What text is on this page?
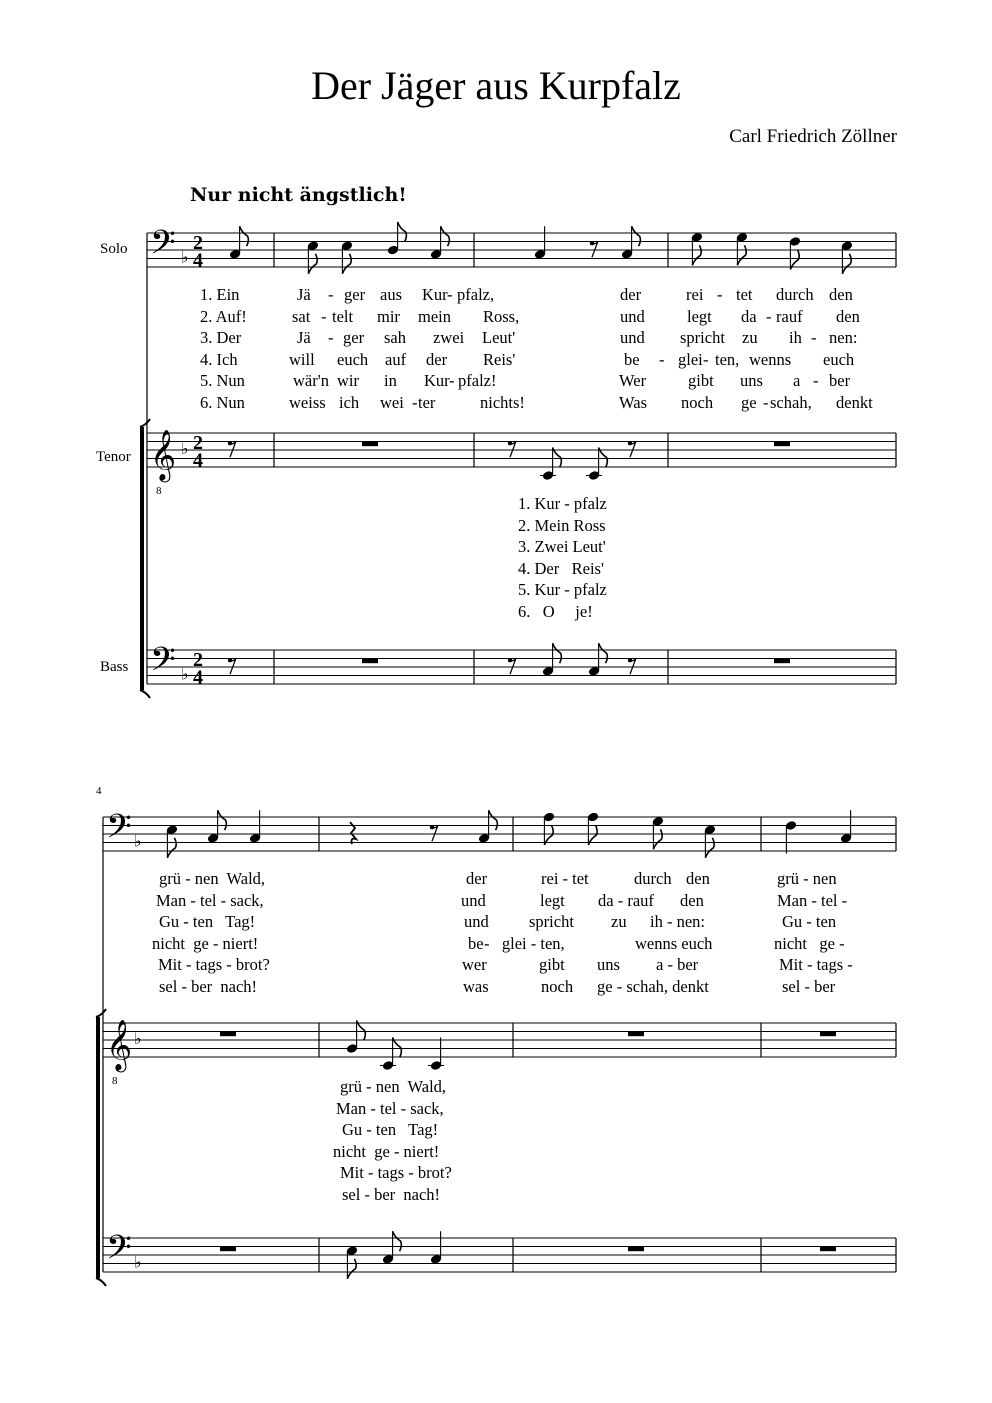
Der Jäger aus Kurpfalz
Carl Friedrich Zöllner
Nur nicht ängstlich!
4
Solo
Tenor
Bass
𝄢 ♭
2
4
𝄞
8
♭ 2
4
𝄢 ♭
2
4
𝄢 ♭
𝄞
8
♭
𝄢 ♭
1. Ein	Jä - ger aus Kur - pfalz,	der	rei - tet durch den
2. Auf!	sat - telt mir mein Ross,	und	legt da - rauf den
3. Der	Jä - ger sah zwei Leut'	und spricht zu ih - nen:
4. Ich	will euch auf der Reis'	be - glei - ten, wenns euch
5. Nun	wär'n wir in Kur - pfalz!	Wer	gibt uns a - ber
6. Nun	weiss ich wei - ter	nichts!	Was noch ge - schah, denkt
1. Kur - pfalz
2. Mein Ross
3. Zwei Leut'
4. Der   Reis'
5. Kur - pfalz
6.   O     je!
grü - nen  Wald,	der	rei - tet	durch den	grü - nen
Man - tel - sack,	und	legt da - rauf den	Man - tel -
Gu - ten   Tag!	und spricht zu ih - nen:	Gu - ten
nicht  ge - niert!	be -   glei - ten,	wenns euch	nicht   ge -
Mit - tags - brot?	wer	gibt uns a - ber	Mit - tags -
sel - ber  nach!	was	noch ge - schah, denkt	sel - ber
grü - nen  Wald,
Man - tel - sack,
Gu - ten   Tag!
nicht  ge - niert!
Mit - tags - brot?
sel - ber  nach!
